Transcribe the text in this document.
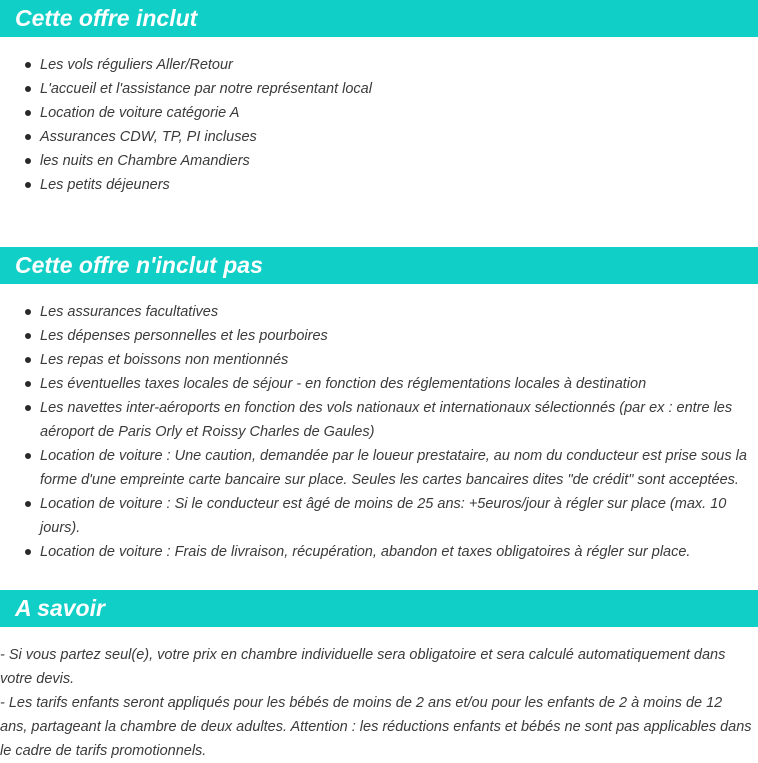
Cette offre inclut
Les vols réguliers Aller/Retour
L'accueil et l'assistance par notre représentant local
Location de voiture catégorie A
Assurances CDW, TP, PI incluses
les nuits en Chambre Amandiers
Les petits déjeuners
Cette offre n'inclut pas
Les assurances facultatives
Les dépenses personnelles et les pourboires
Les repas et boissons non mentionnés
Les éventuelles taxes locales de séjour - en fonction des réglementations locales à destination
Les navettes inter-aéroports en fonction des vols nationaux et internationaux sélectionnés (par ex : entre les aéroport de Paris Orly et Roissy Charles de Gaules)
Location de voiture : Une caution, demandée par le loueur prestataire, au nom du conducteur est prise sous la forme d'une empreinte carte bancaire sur place. Seules les cartes bancaires dites "de crédit" sont acceptées.
Location de voiture : Si le conducteur est âgé de moins de 25 ans: +5euros/jour à régler sur place (max. 10 jours).
Location de voiture : Frais de livraison, récupération, abandon et taxes obligatoires à régler sur place.
A savoir

- Si vous partez seul(e), votre prix en chambre individuelle sera obligatoire et sera calculé automatiquement dans votre devis.

- Les tarifs enfants seront appliqués pour les bébés de moins de 2 ans et/ou pour les enfants de 2 à moins de 12 ans, partageant la chambre de deux adultes. Attention : les réductions enfants et bébés ne sont pas applicables dans le cadre de tarifs promotionnels.
